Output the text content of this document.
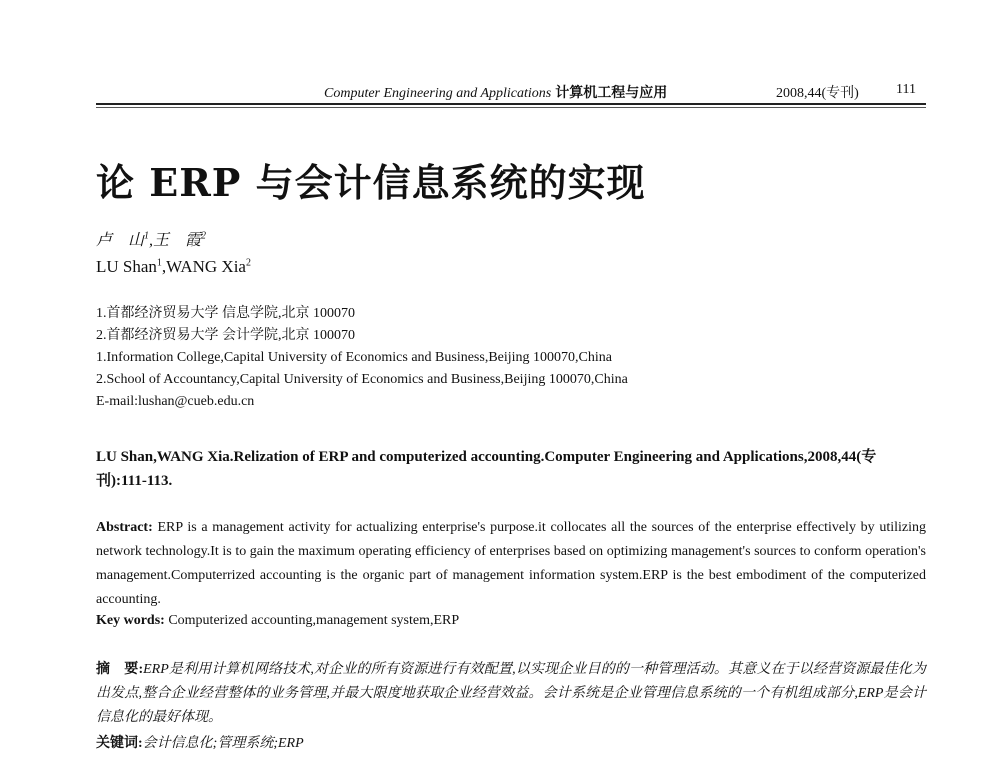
Computer Engineering and Applications 计算机工程与应用	2008,44(专刊)	111
论 ERP 与会计信息系统的实现
卢　山$^1$,王　霞$^2$
LU Shan$^1$,WANG Xia$^2$
1.首都经济贸易大学 信息学院,北京 100070
2.首都经济贸易大学 会计学院,北京 100070
1.Information College,Capital University of Economics and Business,Beijing 100070,China
2.School of Accountancy,Capital University of Economics and Business,Beijing 100070,China
E-mail:lushan@cueb.edu.cn
LU Shan,WANG Xia.Relization of ERP and computerized accounting.Computer Engineering and Applications,2008,44(专刊):111-113.
Abstract: ERP is a management activity for actualizing enterprise's purpose.it collocates all the sources of the enterprise effectively by utilizing network technology.It is to gain the maximum operating efficiency of enterprises based on optimizing management's sources to conform operation's management.Computerrized accounting is the organic part of management information system.ERP is the best embodiment of the computerized accounting.
Key words: Computerized accounting,management system,ERP
摘　要:ERP是利用计算机网络技术,对企业的所有资源进行有效配置,以实现企业目的的一种管理活动。其意义在于以经营资源最佳化为出发点,整合企业经营整体的业务管理,并最大限度地获取企业经营效益。会计系统是企业管理信息系统的一个有机组成部分,ERP是会计信息化的最好体现。
关键词:会计信息化;管理系统;ERP
